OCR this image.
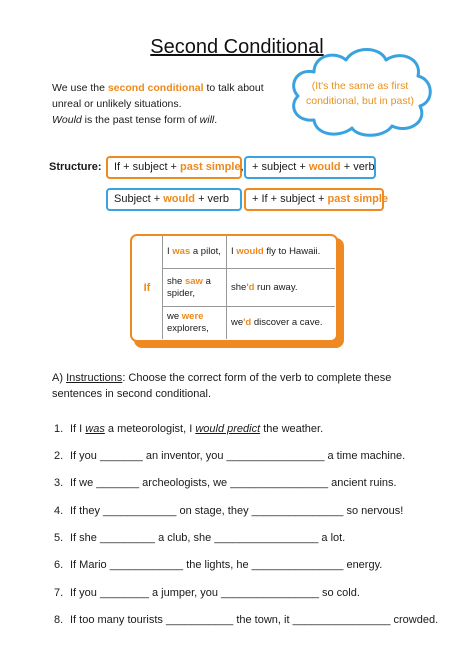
Second Conditional
We use the second conditional to talk about
unreal or unlikely situations.
Would is the past tense form of will.
(It's the same as first
conditional, but in past)
Structure:	If + subject + past simple, + subject + would + verb
Subject + would + verb	+ If + subject + past simple
If
I was a pilot, I would fly to Hawaii.
she saw a spider,
she'd run away.
we were explorers,
we'd discover a cave.
A) Instructions: Choose the correct form of the verb to complete these sentences in second conditional.
1. If I was a meteorologist, I would predict the weather.
2. If you _______ an inventor, you ________________ a time machine.
3. If we _______ archeologists, we ________________ ancient ruins.
4. If they ____________ on stage, they _______________ so nervous!
5. If she _________ a club, she _________________ a lot.
6. If Mario ____________ the lights, he _______________ energy.
7. If you ________ a jumper, you ________________ so cold.
8. If too many tourists ___________ the town, it ________________ crowded.
